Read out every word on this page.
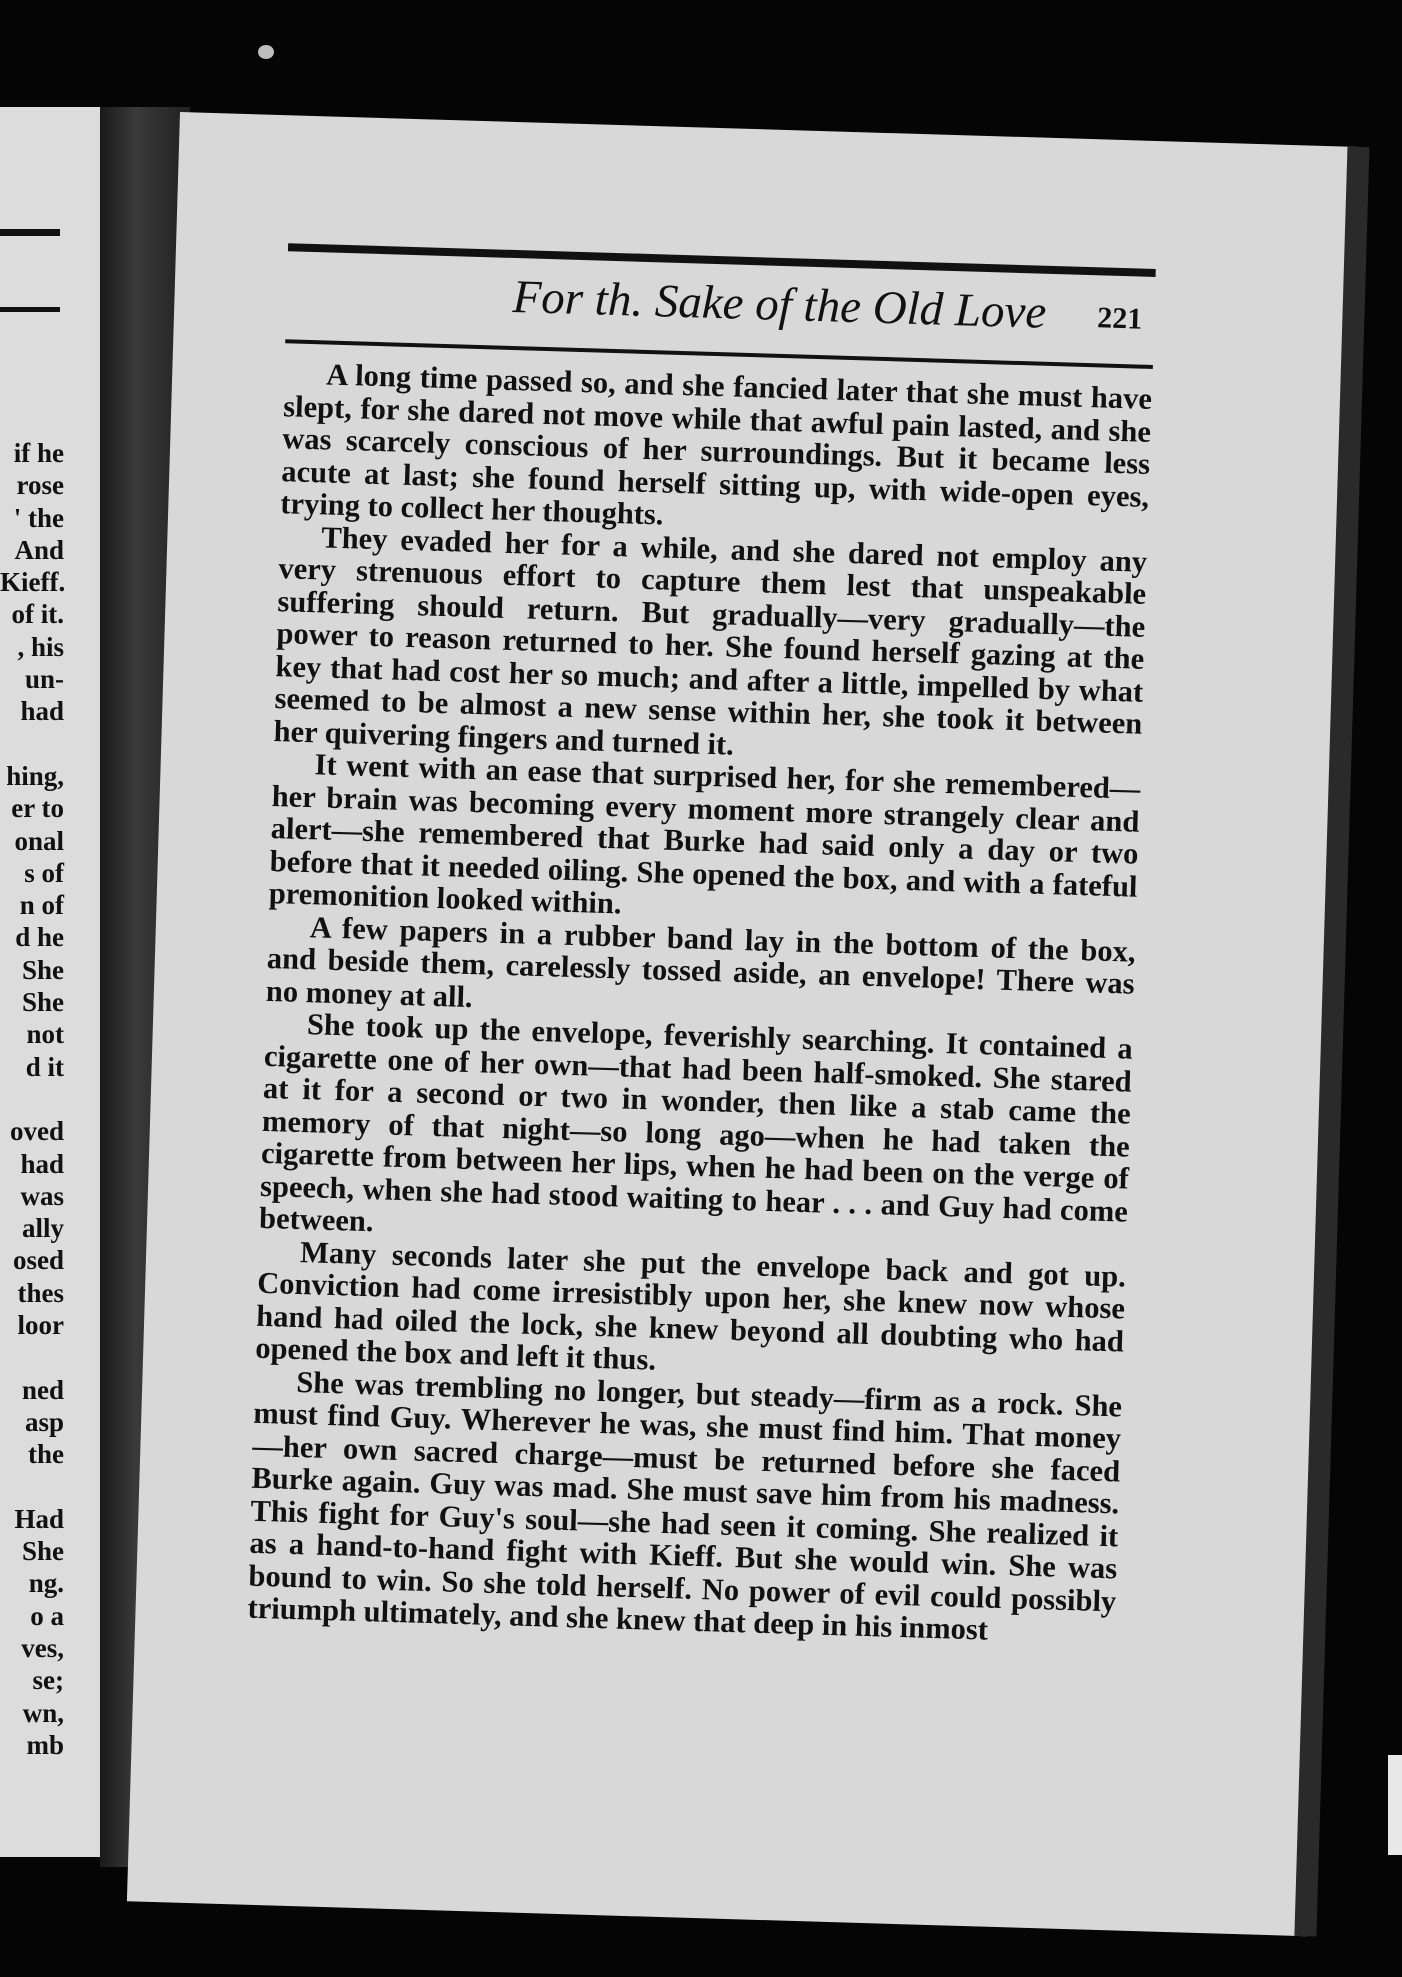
if he
rose
' the
And
Kieff.
of it.
, his
un-
had
hing,
er to
onal
s of
n of
d he
She
She
not
d it
oved
had
was
ally
osed
thes
loor
ned
asp
the
Had
She
ng.
o a
ves,
se;
wn,
mb
For th. Sake of the Old Love 221

A long time passed so, and she fancied later that she must have slept, for she dared not move while that awful pain lasted, and she was scarcely conscious of her surroundings. But it became less acute at last; she found herself sitting up, with wide-open eyes, trying to collect her thoughts.

They evaded her for a while, and she dared not employ any very strenuous effort to capture them lest that unspeakable suffering should return. But gradually—very gradually—the power to reason returned to her. She found herself gazing at the key that had cost her so much; and after a little, impelled by what seemed to be almost a new sense within her, she took it between her quivering fingers and turned it.

It went with an ease that surprised her, for she remembered—her brain was becoming every moment more strangely clear and alert—she remembered that Burke had said only a day or two before that it needed oiling. She opened the box, and with a fateful premonition looked within.

A few papers in a rubber band lay in the bottom of the box, and beside them, carelessly tossed aside, an envelope! There was no money at all.

She took up the envelope, feverishly searching. It contained a cigarette one of her own—that had been half-smoked. She stared at it for a second or two in wonder, then like a stab came the memory of that night—so long ago—when he had taken the cigarette from between her lips, when he had been on the verge of speech, when she had stood waiting to hear . . . and Guy had come between.

Many seconds later she put the envelope back and got up. Conviction had come irresistibly upon her, she knew now whose hand had oiled the lock, she knew beyond all doubting who had opened the box and left it thus.

She was trembling no longer, but steady—firm as a rock. She must find Guy. Wherever he was, she must find him. That money—her own sacred charge—must be returned before she faced Burke again. Guy was mad. She must save him from his madness. This fight for Guy's soul—she had seen it coming. She realized it as a hand-to-hand fight with Kieff. But she would win. She was bound to win. So she told herself. No power of evil could possibly triumph ultimately, and she knew that deep in his inmost
